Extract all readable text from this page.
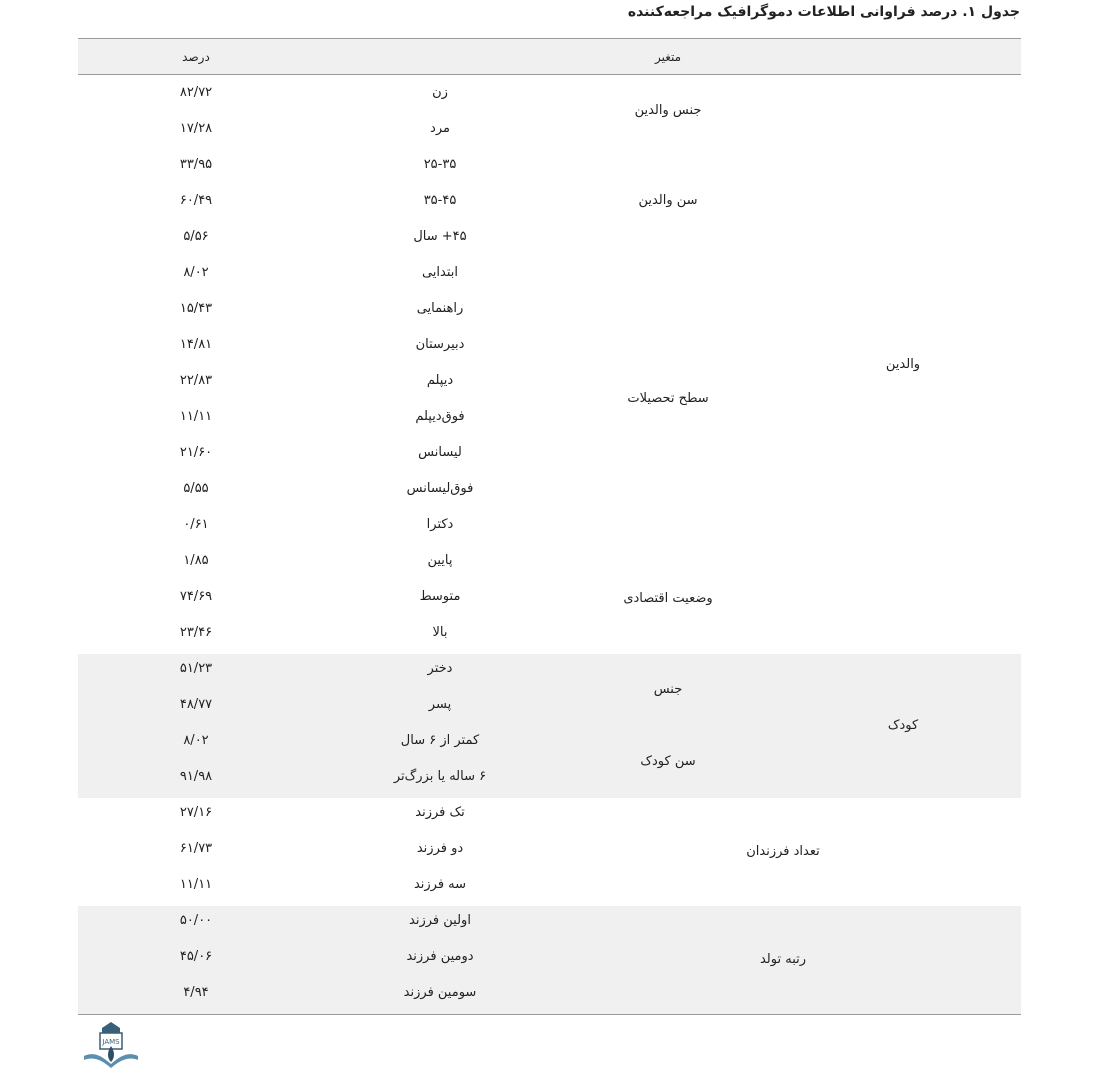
جدول ۱. درصد فراوانی اطلاعات دموگرافیک مراجعه‌کننده
متغیر
درصد
والدین
کودک
تعداد فرزندان
رتبه تولد
جنس والدین
سن والدین
سطح تحصیلات
وضعیت اقتصادی
جنس
سن کودک
زن
۸۲/۷۲
مرد
۱۷/۲۸
۲۵-۳۵
۳۳/۹۵
۳۵-۴۵
۶۰/۴۹
۴۵+ سال
۵/۵۶
ابتدایی
۸/۰۲
راهنمایی
۱۵/۴۳
دبیرستان
۱۴/۸۱
دیپلم
۲۲/۸۳
فوق‌دیپلم
۱۱/۱۱
لیسانس
۲۱/۶۰
فوق‌لیسانس
۵/۵۵
دکترا
۰/۶۱
پایین
۱/۸۵
متوسط
۷۴/۶۹
بالا
۲۳/۴۶
دختر
۵۱/۲۳
پسر
۴۸/۷۷
کمتر از ۶ سال
۸/۰۲
۶ ساله یا بزرگ‌تر
۹۱/۹۸
تک فرزند
۲۷/۱۶
دو فرزند
۶۱/۷۳
سه فرزند
۱۱/۱۱
اولین فرزند
۵۰/۰۰
دومین فرزند
۴۵/۰۶
سومین فرزند
۴/۹۴
JAMS
